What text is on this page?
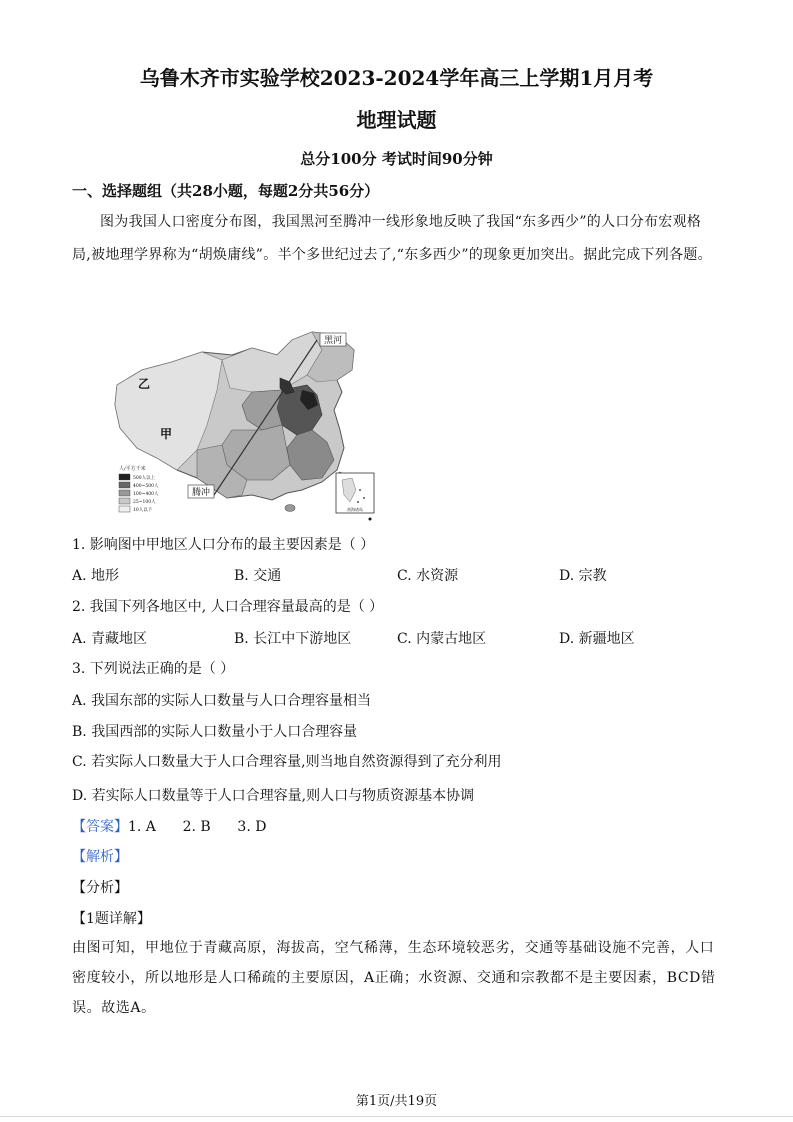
乌鲁木齐市实验学校2023-2024学年高三上学期1月月考
地理试题
总分100分 考试时间90分钟
一、选择题组（共28小题，每题2分共56分）
图为我国人口密度分布图，我国黑河至腾冲一线形象地反映了我国“东多西少”的人口分布宏观格局,被地理学界称为“胡焕庸线”。半个多世纪过去了,“东多西少”的现象更加突出。据此完成下列各题。
黑河
腾冲
乙
甲
人/平方千米
500人以上
400~500人
100~400人
25~100人
10人以下	南海诸岛
1. 影响图中甲地区人口分布的最主要因素是（ ）
A. 地形	B. 交通	C. 水资源	D. 宗教
2. 我国下列各地区中, 人口合理容量最高的是（ ）
A. 青藏地区	B. 长江中下游地区	C. 内蒙古地区	D. 新疆地区
3. 下列说法正确的是（ ）
A. 我国东部的实际人口数量与人口合理容量相当
B. 我国西部的实际人口数量小于人口合理容量
C. 若实际人口数量大于人口合理容量,则当地自然资源得到了充分利用
D. 若实际人口数量等于人口合理容量,则人口与物质资源基本协调
【答案】1. A      2. B      3. D
【解析】
【分析】
【1题详解】
由图可知，甲地位于青藏高原，海拔高，空气稀薄，生态环境较恶劣，交通等基础设施不完善，人口密度较小，所以地形是人口稀疏的主要原因，A正确；水资源、交通和宗教都不是主要因素，BCD错误。故选A。
第1页/共19页
